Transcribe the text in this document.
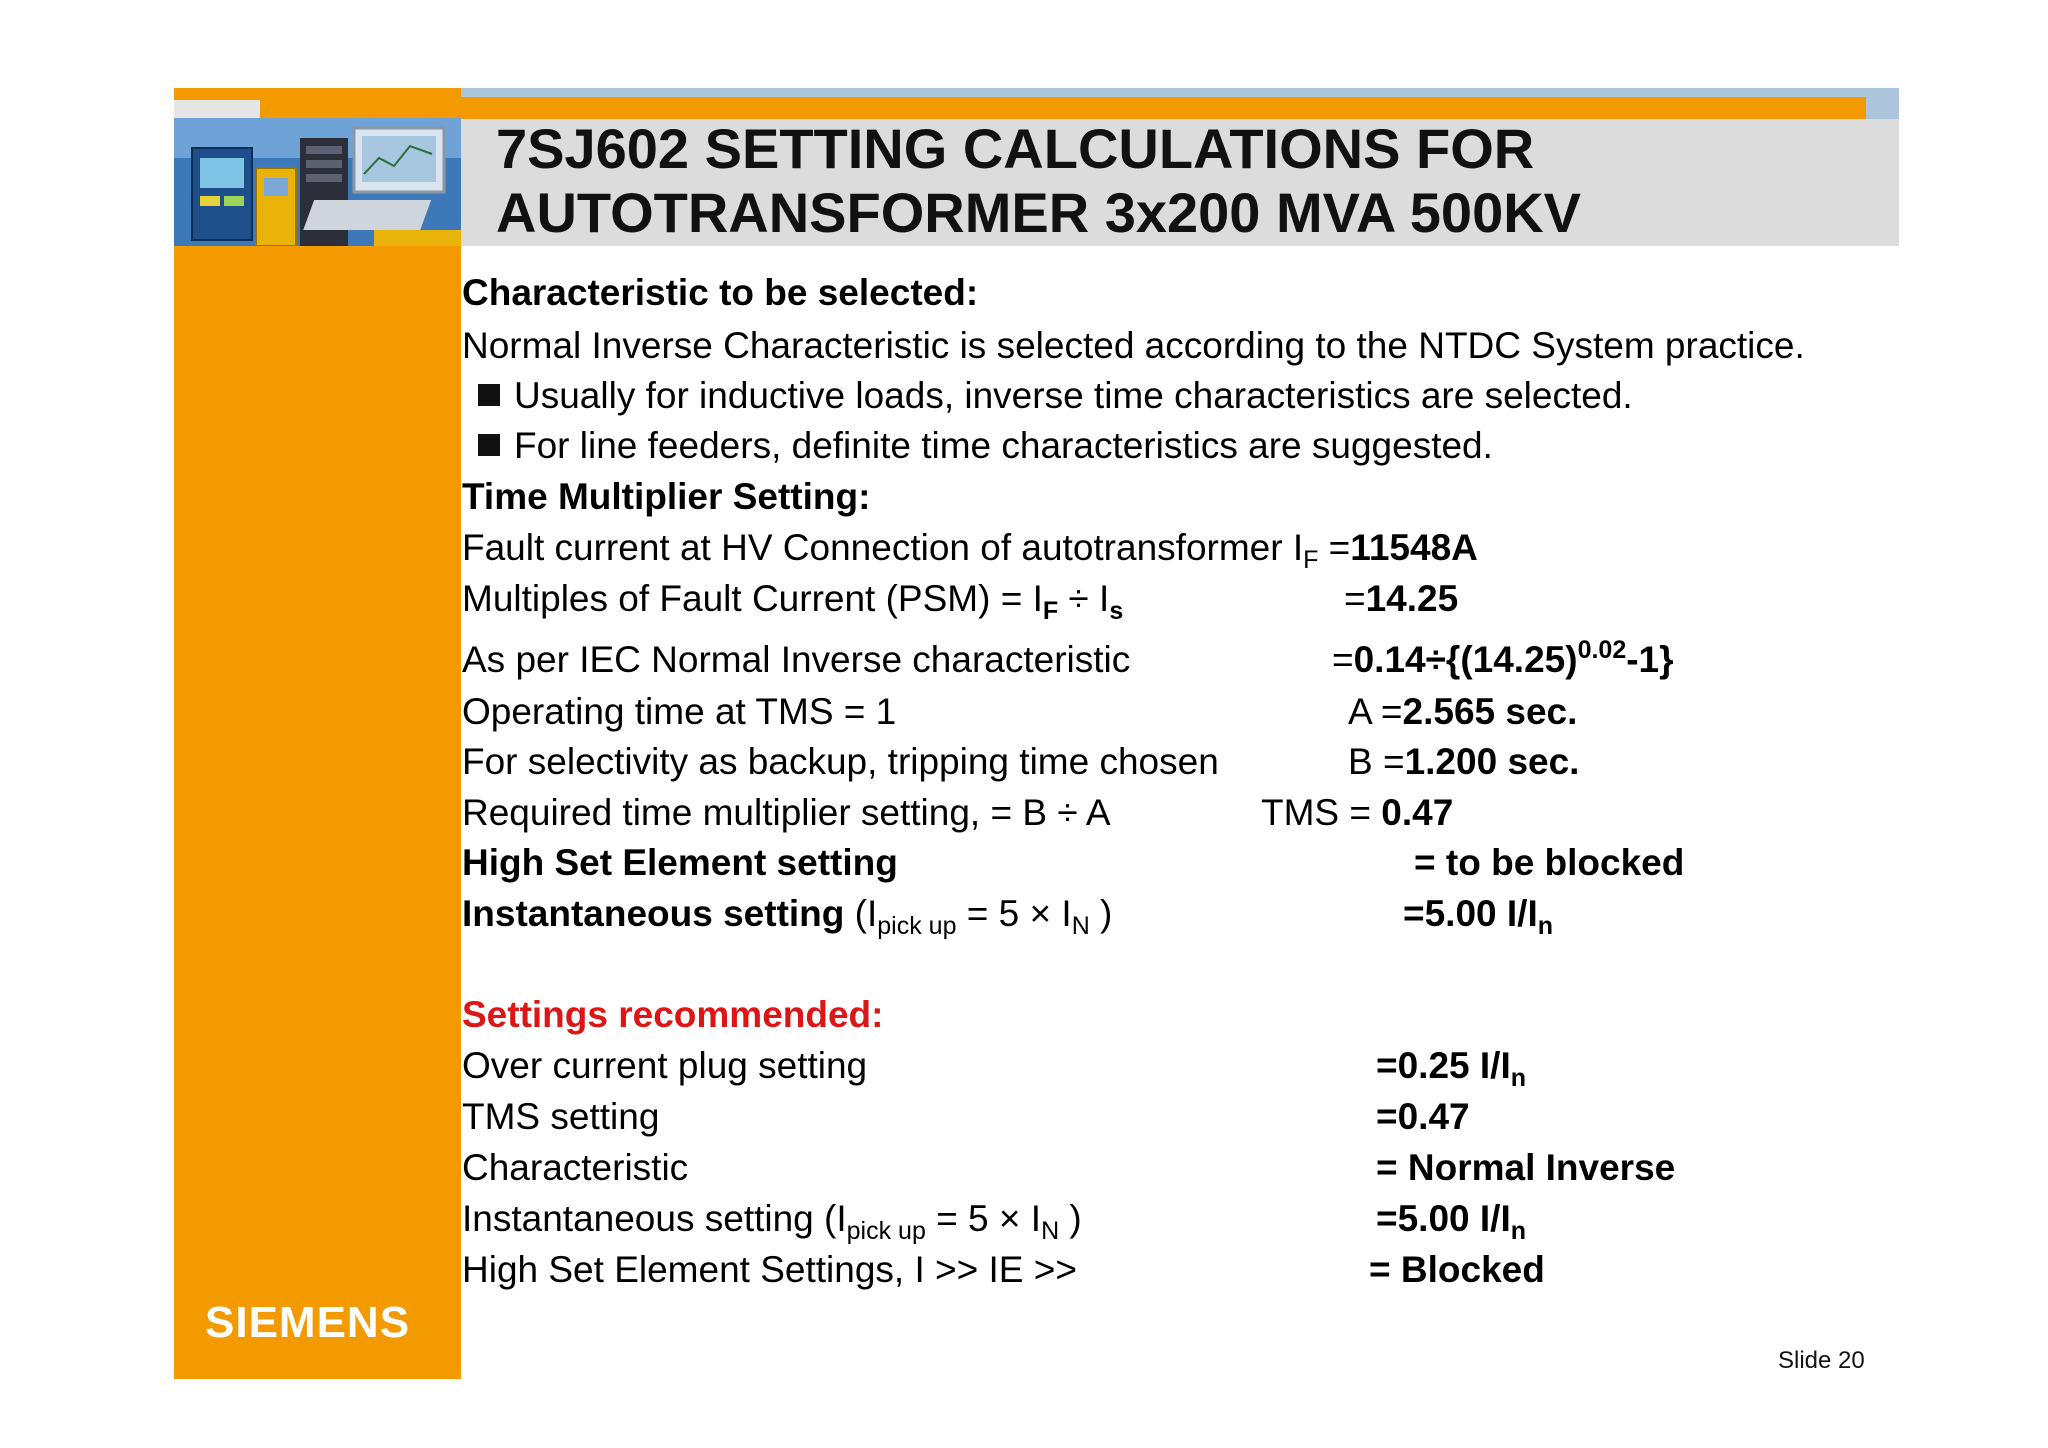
7SJ602 SETTING CALCULATIONS FOR
AUTOTRANSFORMER 3x200 MVA 500KV
Characteristic to be selected:
Normal Inverse Characteristic is selected according to the NTDC System practice.
Usually for inductive loads, inverse time characteristics are selected.
For line feeders, definite time characteristics are suggested.
Time Multiplier Setting:
Fault current at HV Connection of autotransformer $I_F =11548A$
Multiples of Fault Current $(PSM) = I_F \div I_s$	=14.25
As per IEC Normal Inverse characteristic	$=0.14\div\{(14.25)^{0.02}-1\}$
Operating time at TMS = 1	A =2.565 sec.
For selectivity as backup, tripping time chosen	B =1.200 sec.
Required time multiplier setting, = B ÷ A	TMS = 0.47
High Set Element setting	= to be blocked
Instantaneous setting ($I_{pick up} = 5 \times I_N$ )	=5.00 $I/I_n$
Settings recommended:
Over current plug setting	=0.25 $I/I_n$
TMS setting	=0.47
Characteristic	= Normal Inverse
Instantaneous setting ($I_{pick up} = 5 \times I_N$ )	=5.00 $I/I_n$
High Set Element Settings, I >> IE >>	= Blocked
SIEMENS
Slide 20
